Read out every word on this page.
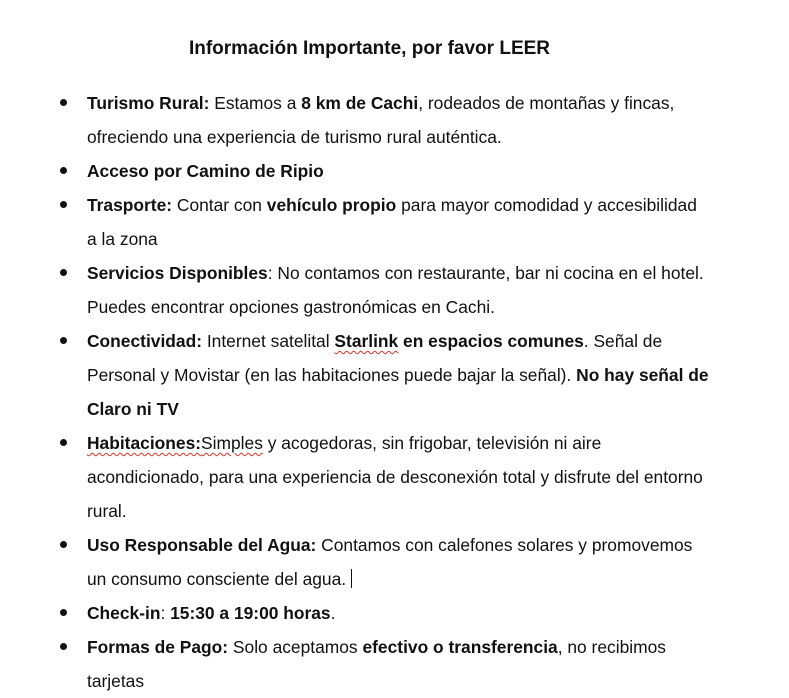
Información Importante, por favor LEER
Turismo Rural: Estamos a 8 km de Cachi, rodeados de montañas y fincas, ofreciendo una experiencia de turismo rural auténtica.
Acceso por Camino de Ripio
Trasporte: Contar con vehículo propio para mayor comodidad y accesibilidad a la zona
Servicios Disponibles: No contamos con restaurante, bar ni cocina en el hotel. Puedes encontrar opciones gastronómicas en Cachi.
Conectividad: Internet satelital Starlink en espacios comunes. Señal de Personal y Movistar (en las habitaciones puede bajar la señal). No hay señal de Claro ni TV
Habitaciones:Simples y acogedoras, sin frigobar, televisión ni aire acondicionado, para una experiencia de desconexión total y disfrute del entorno rural.
Uso Responsable del Agua: Contamos con calefones solares y promovemos un consumo consciente del agua.
Check-in: 15:30 a 19:00 horas.
Formas de Pago: Solo aceptamos efectivo o transferencia, no recibimos tarjetas
